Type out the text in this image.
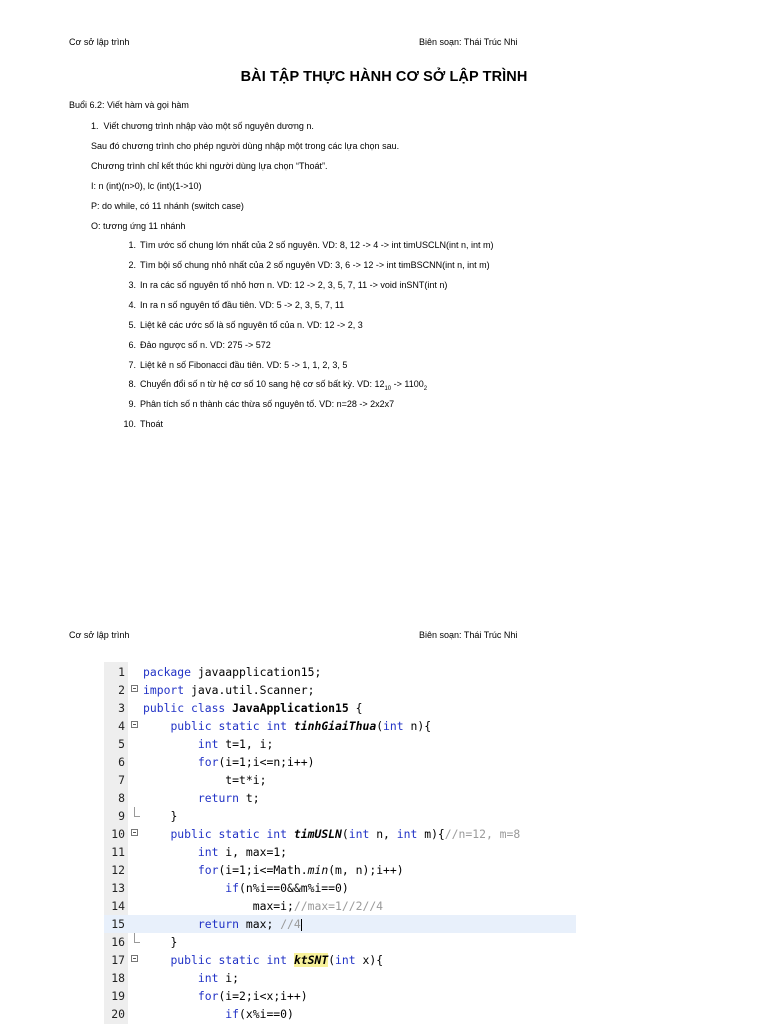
Cơ sở lập trình	Biên soạn: Thái Trúc Nhi
BÀI TẬP THỰC HÀNH CƠ SỞ LẬP TRÌNH
Buổi 6.2: Viết hàm và gọi hàm
1. Viết chương trình nhập vào một số nguyên dương n.
Sau đó chương trình cho phép người dùng nhập một trong các lựa chọn sau.
Chương trình chỉ kết thúc khi người dùng lựa chọn “Thoát”.
I: n (int)(n>0), lc (int)(1->10)
P: do while, có 11 nhánh (switch case)
O: tương ứng 11 nhánh
1. Tìm ước số chung lớn nhất của 2 số nguyên. VD: 8, 12 -> 4 -> int timUSCLN(int n, int m)
2. Tìm bội số chung nhỏ nhất của 2 số nguyên VD: 3, 6 -> 12 -> int timBSCNN(int n, int m)
3. In ra các số nguyên tố nhỏ hơn n. VD: 12 -> 2, 3, 5, 7, 11 -> void inSNT(int n)
4. In ra n số nguyên tố đầu tiên. VD: 5 -> 2, 3, 5, 7, 11
5. Liệt kê các ước số là số nguyên tố của n. VD: 12 -> 2, 3
6. Đảo ngược số n. VD: 275 -> 572
7. Liệt kê n số Fibonacci đầu tiên. VD: 5 -> 1, 1, 2, 3, 5
8. Chuyển đổi số n từ hệ cơ số 10 sang hệ cơ số bất kỳ. VD: $12_{10} -> 1100_2$
9. Phân tích số n thành các thừa số nguyên tố. VD: n=28 -> 2x2x7
10. Thoát
Cơ sở lập trình	Biên soạn: Thái Trúc Nhi
1 package javaapplication15;
2 import java.util.Scanner;
3 public class JavaApplication15 {
4	public static int tinhGiaiThua(int n){
5	int t=1, i;
6	for(i=1;i<=n;i++)
7	t=t*i;
8	return t;
9	}
10	public static int timUSLN(int n, int m){//n=12, m=8
11	int i, max=1;
12	for(i=1;i<=Math.min(m, n);i++)
13	if(n%i==0&&m%i==0)
14	max=i;//max=1//2//4
15	return max; //4
16	}
17	public static int ktSNT(int x){
18	int i;
19	for(i=2;i<x;i++)
20	if(x%i==0)
